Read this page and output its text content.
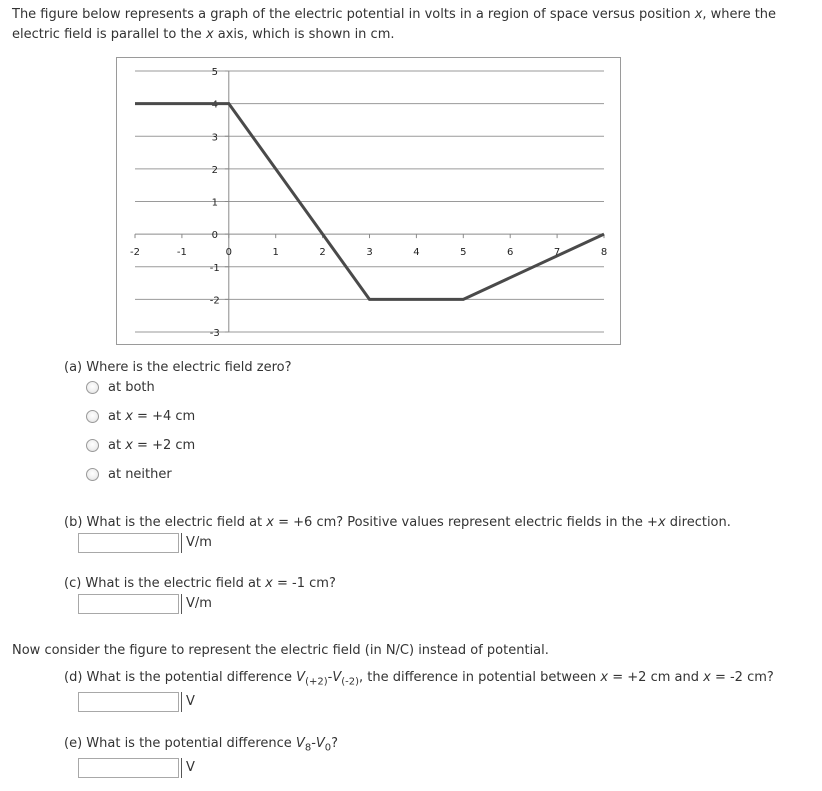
The figure below represents a graph of the electric potential in volts in a region of space versus position x, where the electric field is parallel to the x axis, which is shown in cm.
-2	-1	0	1	2	3	4	5	6	7	8
5
4
3
2
1
0
-1
-2
-3
(a) Where is the electric field zero?
at both
at x = +4 cm
at x = +2 cm
at neither
(b) What is the electric field at x = +6 cm? Positive values represent electric fields in the +x direction.
V/m
(c) What is the electric field at x = -1 cm?
V/m
Now consider the figure to represent the electric field (in N/C) instead of potential.
(d) What is the potential difference $V_{(+2)}-V_{(-2)}$, the difference in potential between x = +2 cm and x = -2 cm?
V
(e) What is the potential difference $V_8-V_0$?
V
